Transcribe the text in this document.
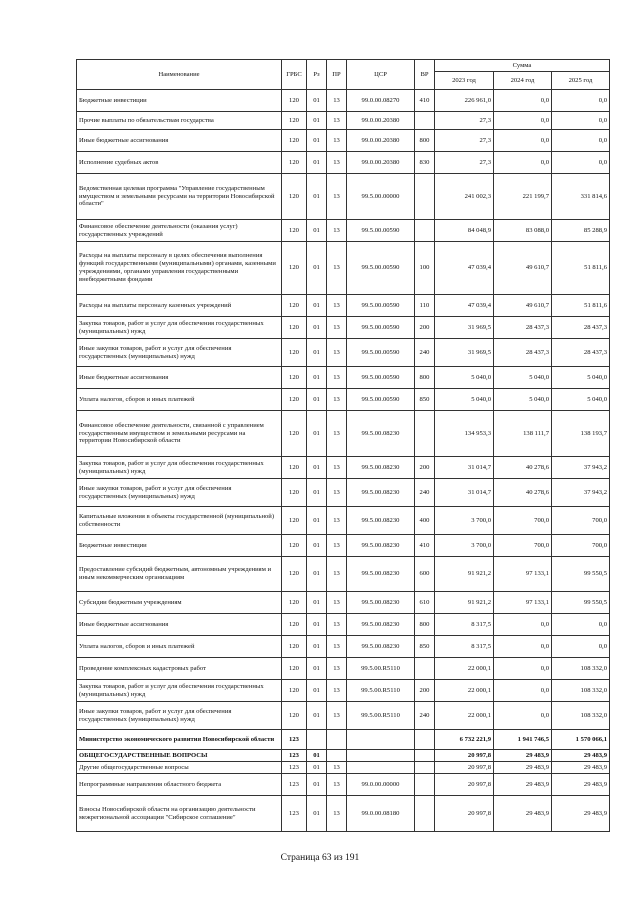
Наименование	ГРБС	Рз	ПР	ЦСР	ВР	Сумма		
						2023 год	2024 год	2025 год
Бюджетные инвестиции	120	01	13	99.0.00.08270	410	226 961,0	0,0	0,0
Прочие выплаты по обязательствам государства	120	01	13	99.0.00.20380		27,3	0,0	0,0
Иные бюджетные ассигнования	120	01	13	99.0.00.20380	800	27,3	0,0	0,0
Исполнение судебных актов	120	01	13	99.0.00.20380	830	27,3	0,0	0,0
Ведомственная целевая программа "Управление государственным имуществом и земельными ресурсами на территории Новосибирской области"	120	01	13	99.5.00.00000		241 002,3	221 199,7	331 814,6
Финансовое обеспечение деятельности (оказания услуг) государственных учреждений	120	01	13	99.5.00.00590		84 048,9	83 088,0	85 288,9
Расходы на выплаты персоналу в целях обеспечения выполнения функций государственными (муниципальными) органами, казенными учреждениями, органами управления государственными внебюджетными фондами	120	01	13	99.5.00.00590	100	47 039,4	49 610,7	51 811,6
Расходы на выплаты персоналу казенных учреждений	120	01	13	99.5.00.00590	110	47 039,4	49 610,7	51 811,6
Закупка товаров, работ и услуг для обеспечения государственных (муниципальных) нужд	120	01	13	99.5.00.00590	200	31 969,5	28 437,3	28 437,3
Иные закупки товаров, работ и услуг для обеспечения государственных (муниципальных) нужд	120	01	13	99.5.00.00590	240	31 969,5	28 437,3	28 437,3
Иные бюджетные ассигнования	120	01	13	99.5.00.00590	800	5 040,0	5 040,0	5 040,0
Уплата налогов, сборов и иных платежей	120	01	13	99.5.00.00590	850	5 040,0	5 040,0	5 040,0
Финансовое обеспечение деятельности, связанной с управлением государственным имуществом и земельными ресурсами на территории Новосибирской области	120	01	13	99.5.00.08230		134 953,3	138 111,7	138 193,7
Закупка товаров, работ и услуг для обеспечения государственных (муниципальных) нужд	120	01	13	99.5.00.08230	200	31 014,7	40 278,6	37 943,2
Иные закупки товаров, работ и услуг для обеспечения государственных (муниципальных) нужд	120	01	13	99.5.00.08230	240	31 014,7	40 278,6	37 943,2
Капитальные вложения в объекты государственной (муниципальной) собственности	120	01	13	99.5.00.08230	400	3 700,0	700,0	700,0
Бюджетные инвестиции	120	01	13	99.5.00.08230	410	3 700,0	700,0	700,0
Предоставление субсидий бюджетным, автономным учреждениям и иным некоммерческим организациям	120	01	13	99.5.00.08230	600	91 921,2	97 133,1	99 550,5
Субсидии бюджетным учреждениям	120	01	13	99.5.00.08230	610	91 921,2	97 133,1	99 550,5
Иные бюджетные ассигнования	120	01	13	99.5.00.08230	800	8 317,5	0,0	0,0
Уплата налогов, сборов и иных платежей	120	01	13	99.5.00.08230	850	8 317,5	0,0	0,0
Проведение комплексных кадастровых работ	120	01	13	99.5.00.R5110		22 000,1	0,0	108 332,0
Закупка товаров, работ и услуг для обеспечения государственных (муниципальных) нужд	120	01	13	99.5.00.R5110	200	22 000,1	0,0	108 332,0
Иные закупки товаров, работ и услуг для обеспечения государственных (муниципальных) нужд	120	01	13	99.5.00.R5110	240	22 000,1	0,0	108 332,0
Министерство экономического развития Новосибирской области	123					6 732 221,9	1 941 746,5	1 570 066,1
ОБЩЕГОСУДАРСТВЕННЫЕ ВОПРОСЫ	123	01				20 997,8	29 483,9	29 483,9
Другие общегосударственные вопросы	123	01	13			20 997,8	29 483,9	29 483,9
Непрограммные направления областного бюджета	123	01	13	99.0.00.00000		20 997,8	29 483,9	29 483,9
Взносы Новосибирской области на организацию деятельности межрегиональной ассоциации "Сибирское соглашение"	123	01	13	99.0.00.08180		20 997,8	29 483,9	29 483,9
Страница 63 из 191
